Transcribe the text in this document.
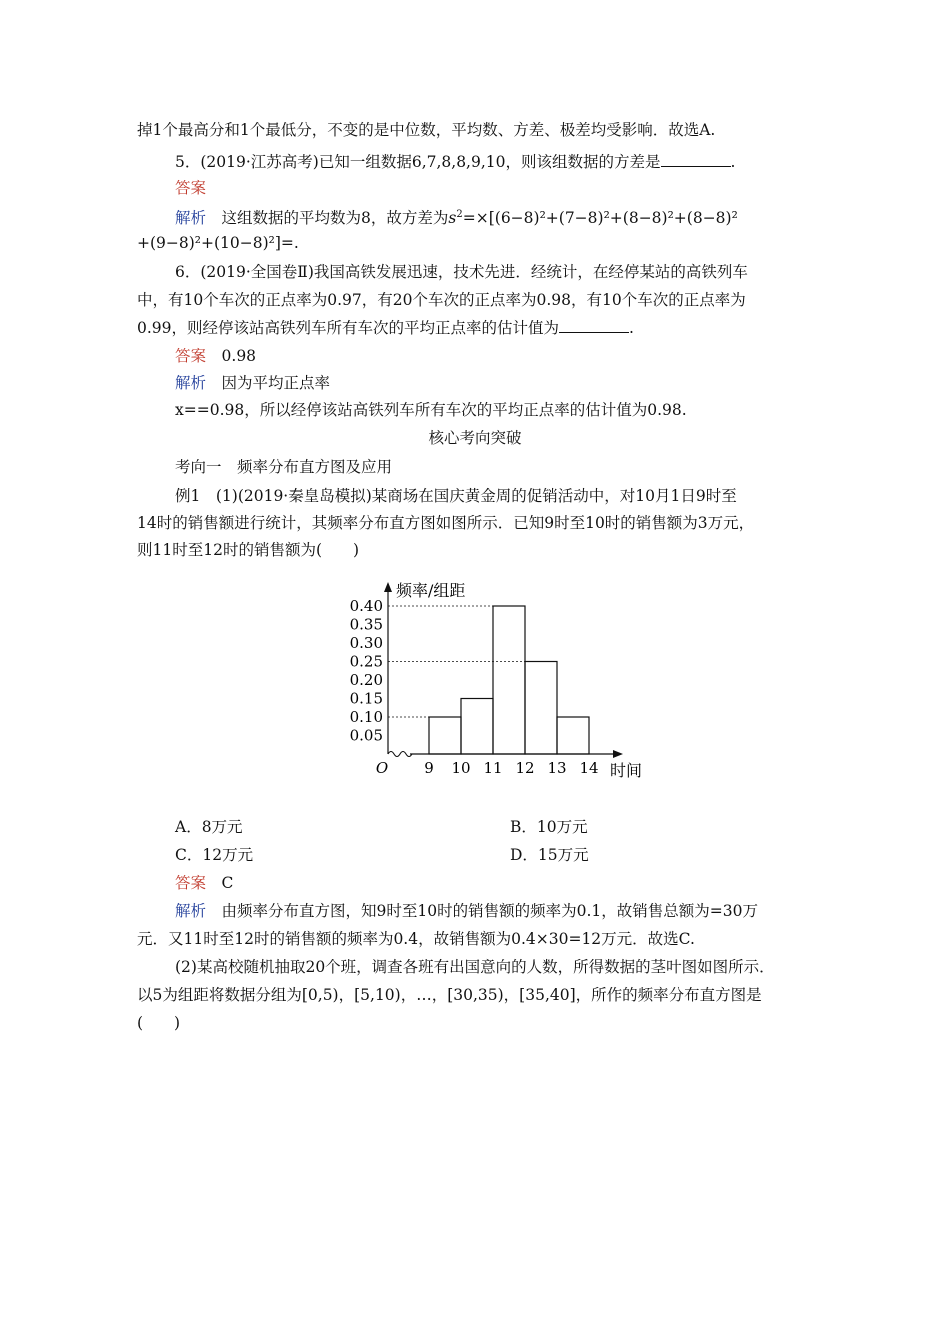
掉1个最高分和1个最低分，不变的是中位数，平均数、方差、极差均受影响．故选A.
5．(2019·江苏高考)已知一组数据6,7,8,8,9,10，则该组数据的方差是	.
答案
解析　 这组数据的平均数为8，故方差为$s^2=\times[(6-8)^2+(7-8)^2+(8-8)^2+(8-8)^2$
+(9−8)²+(10−8)²]=.
6．(2019·全国卷Ⅱ)我国高铁发展迅速，技术先进．经统计，在经停某站的高铁列车
中，有10个车次的正点率为0.97，有20个车次的正点率为0.98，有10个车次的正点率为
0.99，则经停该站高铁列车所有车次的平均正点率的估计值为	.
答案　 0.98
解析　 因为平均正点率
x==0.98，所以经停该站高铁列车所有车次的平均正点率的估计值为0.98.
核心考向突破
考向一　频率分布直方图及应用
例1　(1)(2019·秦皇岛模拟)某商场在国庆黄金周的促销活动中，对10月1日9时至
14时的销售额进行统计，其频率分布直方图如图所示．已知9时至10时的销售额为3万元，
则11时至12时的销售额为(　　)
0.05
0.10
0.15
0.20
0.25
0.30
0.35
0.40
频率/组距
9 10 11 12 13 14
O	时间
A．8万元	B．10万元
C．12万元	D．15万元
答案　 C
解析　 由频率分布直方图，知9时至10时的销售额的频率为0.1，故销售总额为=30万
元．又11时至12时的销售额的频率为0.4，故销售额为0.4×30=12万元．故选C.
(2)某高校随机抽取20个班，调查各班有出国意向的人数，所得数据的茎叶图如图所示．
以5为组距将数据分组为[0,5)，[5,10)，…，[30,35)，[35,40]，所作的频率分布直方图是
(　　)
